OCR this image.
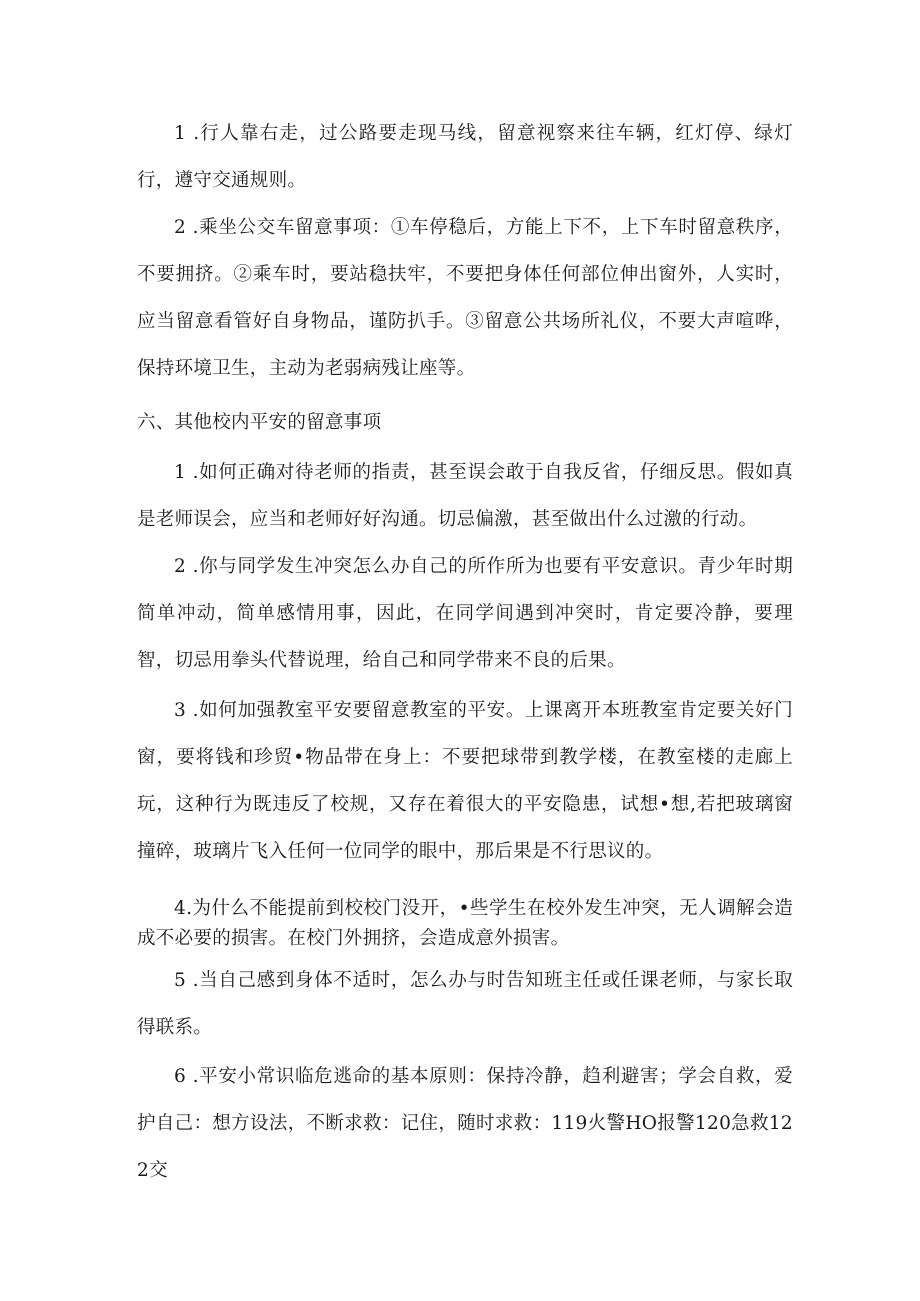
1 .行人靠右走，过公路要走现马线，留意视察来往车辆，红灯停、绿灯行，遵守交通规则。

2 .乘坐公交车留意事项：①车停稳后，方能上下不，上下车时留意秩序，不要拥挤。②乘车时，要站稳扶牢，不要把身体任何部位伸出窗外，人实时，应当留意看管好自身物品，谨防扒手。③留意公共场所礼仪，不要大声喧哗，保持环境卫生，主动为老弱病残让座等。

六、其他校内平安的留意事项

1 .如何正确对待老师的指责，甚至误会敢于自我反省，仔细反思。假如真是老师误会，应当和老师好好沟通。切忌偏激，甚至做出什么过激的行动。

2 .你与同学发生冲突怎么办自己的所作所为也要有平安意识。青少年时期简单冲动，简单感情用事，因此，在同学间遇到冲突时，肯定要冷静，要理智，切忌用拳头代替说理，给自己和同学带来不良的后果。

3 .如何加强教室平安要留意教室的平安。上课离开本班教室肯定要关好门窗，要将钱和珍贸•物品带在身上：不要把球带到教学楼，在教室楼的走廊上玩，这种行为既违反了校规，又存在着很大的平安隐患，试想•想,若把玻璃窗撞碎，玻璃片飞入任何一位同学的眼中，那后果是不行思议的。

4.为什么不能提前到校校门没开，•些学生在校外发生冲突，无人调解会造成不必要的损害。在校门外拥挤，会造成意外损害。

5 .当自己感到身体不适时，怎么办与时告知班主任或任课老师，与家长取得联系。

6 .平安小常识临危逃命的基本原则：保持冷静，趋利避害；学会自救，爱护自己：想方设法，不断求救：记住，随时求救：119火警HO报警120急救122交
